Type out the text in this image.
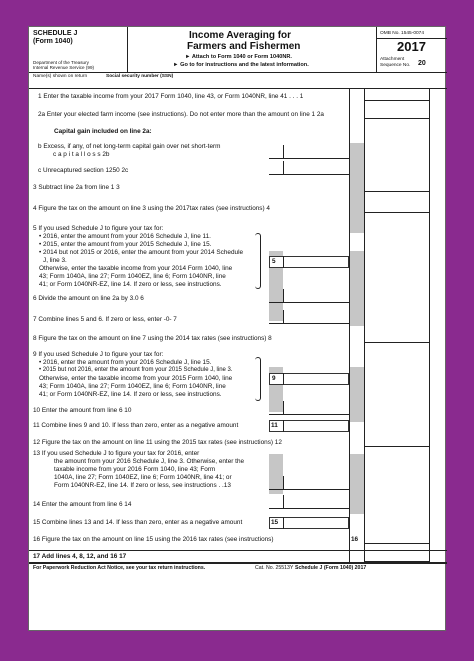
SCHEDULE J
(Form 1040)
Department of the Treasury
Internal Revenue Service (99)
Income Averaging for
Farmers and Fishermen
► Attach to Form 1040 or Form 1040NR.
► Go to for instructions and the latest information.
OMB No. 1545-0074
2017
Attachment
Sequence No. 20
Name(s) shown on return	Social security number (SSN)
1 Enter the taxable income from your 2017 Form 1040, line 43, or Form 1040NR, line 41 . . . 1
2a Enter your elected farm income (see instructions). Do not enter more than the amount on line 1 2a
Capital gain included on line 2a:
b Excess, if any, of net long-term capital gain over net short-term
c a p i t a l l o s s 2b
c Unrecaptured section 1250 2c
3 Subtract line 2a from line 1 3
4 Figure the tax on the amount on line 3 using the 2017tax rates (see instructions) 4
5 If you used Schedule J to figure your tax for:
• 2016, enter the amount from your 2016 Schedule J, line 11.
• 2015, enter the amount from your 2015 Schedule J, line 15.
• 2014 but not 2015 or 2016, enter the amount from your 2014 Schedule
J, line 3.
Otherwise, enter the taxable income from your 2014 Form 1040, line
43; Form 1040A, line 27; Form 1040EZ, line 6; Form 1040NR, line
41; or Form 1040NR-EZ, line 14. If zero or less, see instructions.
5
6 Divide the amount on line 2a by 3.0 6
7 Combine lines 5 and 6. If zero or less, enter -0- 7
8 Figure the tax on the amount on line 7 using the 2014 tax rates (see instructions) 8
9 If you used Schedule J to figure your tax for:
• 2016, enter the amount from your 2016 Schedule J, line 15.
• 2015 but not 2016, enter the amount from your 2015 Schedule J, line 3.
Otherwise, enter the taxable income from your 2015 Form 1040, line
43; Form 1040A, line 27; Form 1040EZ, line 6; Form 1040NR, line
41; or Form 1040NR-EZ, line 14. If zero or less, see instructions.
9
10 Enter the amount from line 6 10
11 Combine lines 9 and 10. If less than zero, enter as a negative amount	11
12 Figure the tax on the amount on line 11 using the 2015 tax rates (see instructions) 12
13 If you used Schedule J to figure your tax for 2016, enter
the amount from your 2016 Schedule J, line 3. Otherwise, enter the
taxable income from your 2016 Form 1040, line 43; Form
1040A, line 27; Form 1040EZ, line 6; Form 1040NR, line 41; or
Form 1040NR-EZ, line 14. If zero or less, see instructions . .13
14 Enter the amount from line 6 14
15 Combine lines 13 and 14. If less than zero, enter as a negative amount	15
16 Figure the tax on the amount on line 15 using the 2016 tax rates (see instructions)	16
17 Add lines 4, 8, 12, and 16 17
For Paperwork Reduction Act Notice, see your tax return instructions.	Cat. No. 25513Y Schedule J (Form 1040) 2017
